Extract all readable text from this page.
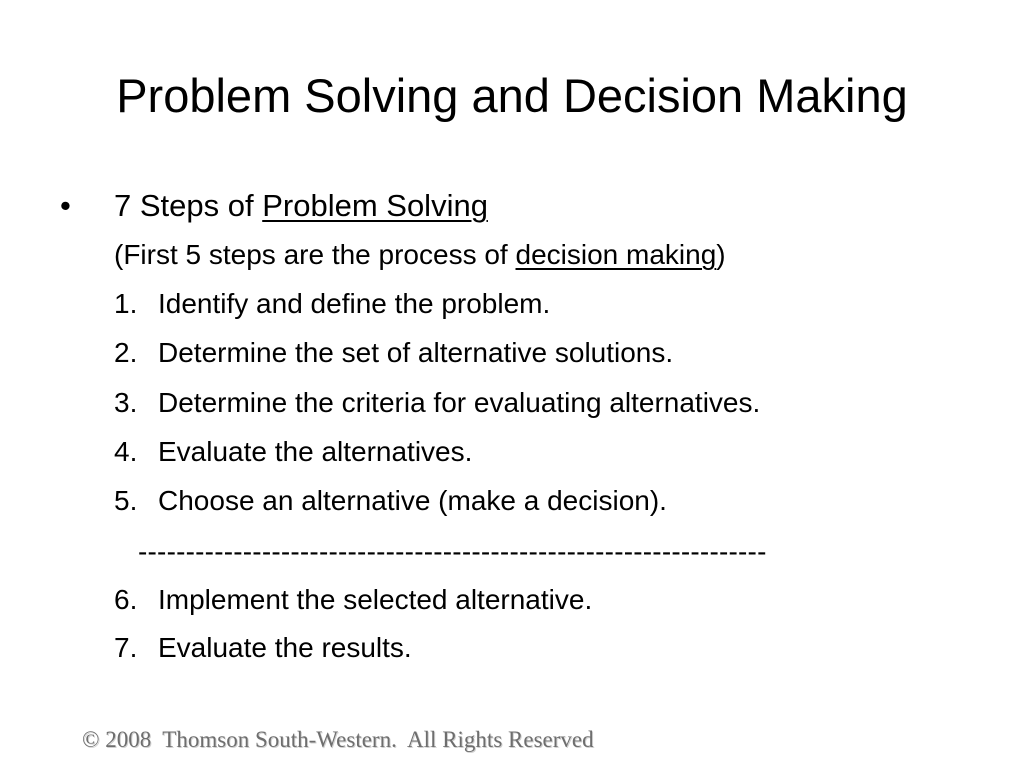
Problem Solving and Decision Making
•	7 Steps of Problem Solving
(First 5 steps are the process of decision making)
1. Identify and define the problem.
2. Determine the set of alternative solutions.
3. Determine the criteria for evaluating alternatives.
4. Evaluate the alternatives.
5. Choose an alternative (make a decision).
------------------------------------------------------------------
6. Implement the selected alternative.
7. Evaluate the results.
© 2008  Thomson South-Western.  All Rights Reserved
